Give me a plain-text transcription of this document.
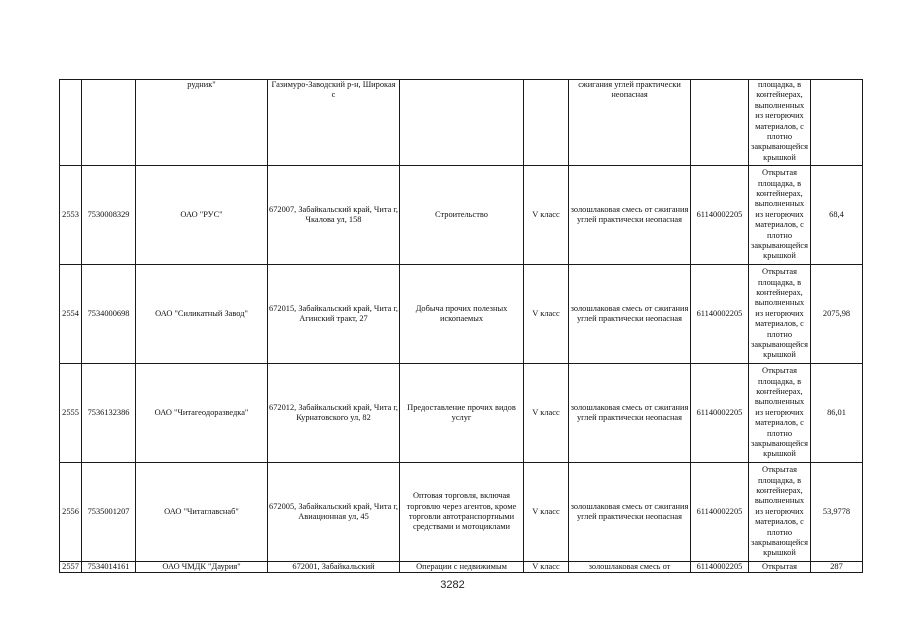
		рудник"	Газимуро-Заводский р-н, Широкая с			сжигания углей практически неопасная		площадка, в контейнерах, выполненных из негорючих материалов, с плотно закрывающейся крышкой	
2553	7530008329	ОАО "РУС"	672007, Забайкальский край, Чита г, Чкалова ул, 158	Строительство	V класс	золошлаковая смесь от сжигания углей практически неопасная	61140002205	Открытая площадка, в контейнерах, выполненных из негорючих материалов, с плотно закрывающейся крышкой	68,4
2554	7534000698	ОАО "Силикатный Завод"	672015, Забайкальский край, Чита г, Агинский тракт, 27	Добыча прочих полезных ископаемых	V класс	золошлаковая смесь от сжигания углей практически неопасная	61140002205	Открытая площадка, в контейнерах, выполненных из негорючих материалов, с плотно закрывающейся крышкой	2075,98
2555	7536132386	ОАО "Читагеодоразведка"	672012, Забайкальский край, Чита г, Курнатовского ул, 82	Предоставление прочих видов услуг	V класс	золошлаковая смесь от сжигания углей практически неопасная	61140002205	Открытая площадка, в контейнерах, выполненных из негорючих материалов, с плотно закрывающейся крышкой	86,01
2556	7535001207	ОАО "Читаглавснаб"	672005, Забайкальский край, Чита г, Авиационная ул, 45	Оптовая торговля, включая торговлю через агентов, кроме торговли автотранспортными средствами и мотоциклами	V класс	золошлаковая смесь от сжигания углей практически неопасная	61140002205	Открытая площадка, в контейнерах, выполненных из негорючих материалов, с плотно закрывающейся крышкой	53,9778
2557	7534014161	ОАО ЧМДК "Даурия"	672001, Забайкальский	Операции с недвижимым	V класс	золошлаковая смесь от	61140002205	Открытая	287
3282
